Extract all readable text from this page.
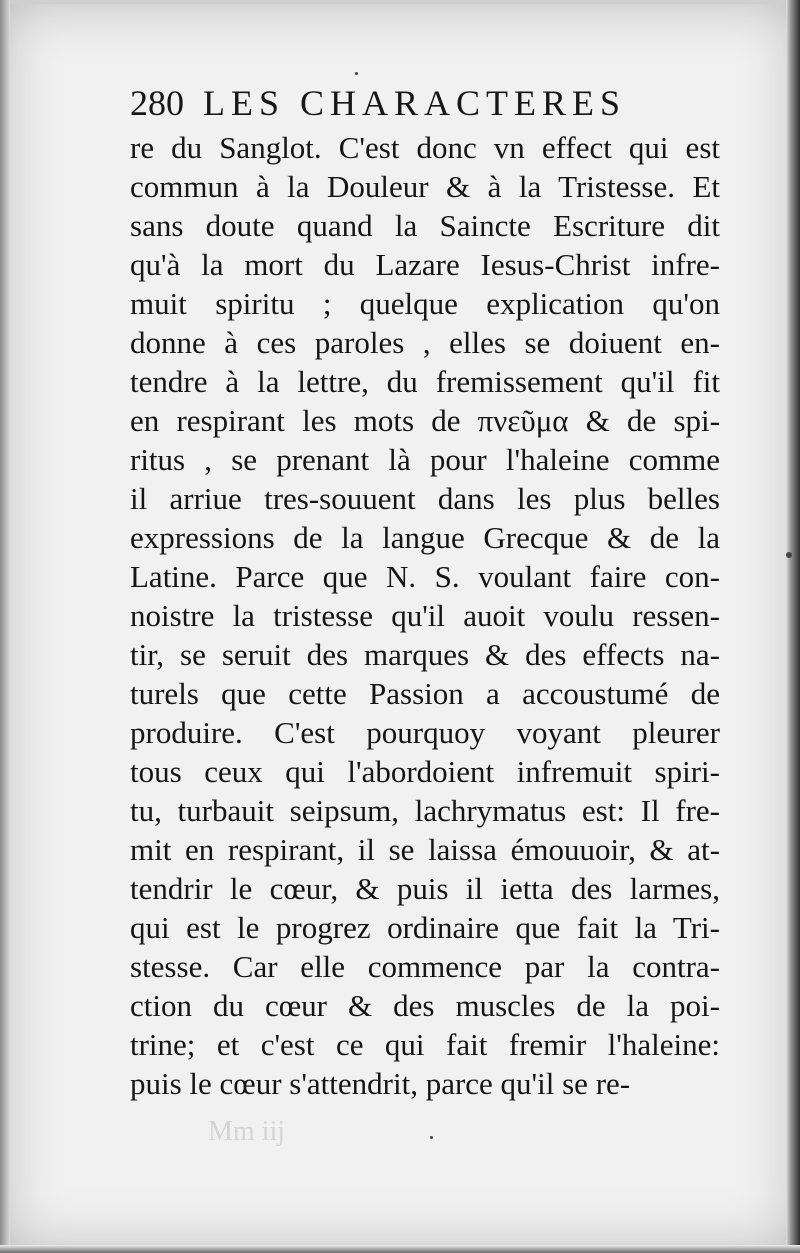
280 LES CHARACTERES
re du Sanglot. C'est donc vn effect qui est
commun à la Douleur & à la Tristesse. Et
sans doute quand la Saincte Escriture dit
qu'à la mort du Lazare Iesus-Christ infre-
muit spiritu ; quelque explication qu'on
donne à ces paroles , elles se doiuent en-
tendre à la lettre, du fremissement qu'il fit
en respirant les mots de πνεῦμα & de spi-
ritus , se prenant là pour l'haleine comme
il arriue tres-souuent dans les plus belles
expressions de la langue Grecque & de la
Latine. Parce que N. S. voulant faire con-
noistre la tristesse qu'il auoit voulu ressen-
tir, se seruit des marques & des effects na-
turels que cette Passion a accoustumé de
produire. C'est pourquoy voyant pleurer
tous ceux qui l'abordoient infremuit spiri-
tu, turbauit seipsum, lachrymatus est: Il fre-
mit en respirant, il se laissa émouuoir, & at-
tendrir le cœur, & puis il ietta des larmes,
qui est le progrez ordinaire que fait la Tri-
stesse. Car elle commence par la contra-
ction du cœur & des muscles de la poi-
trine; et c'est ce qui fait fremir l'haleine:
puis le cœur s'attendrit, parce qu'il se re-
Mm iij
